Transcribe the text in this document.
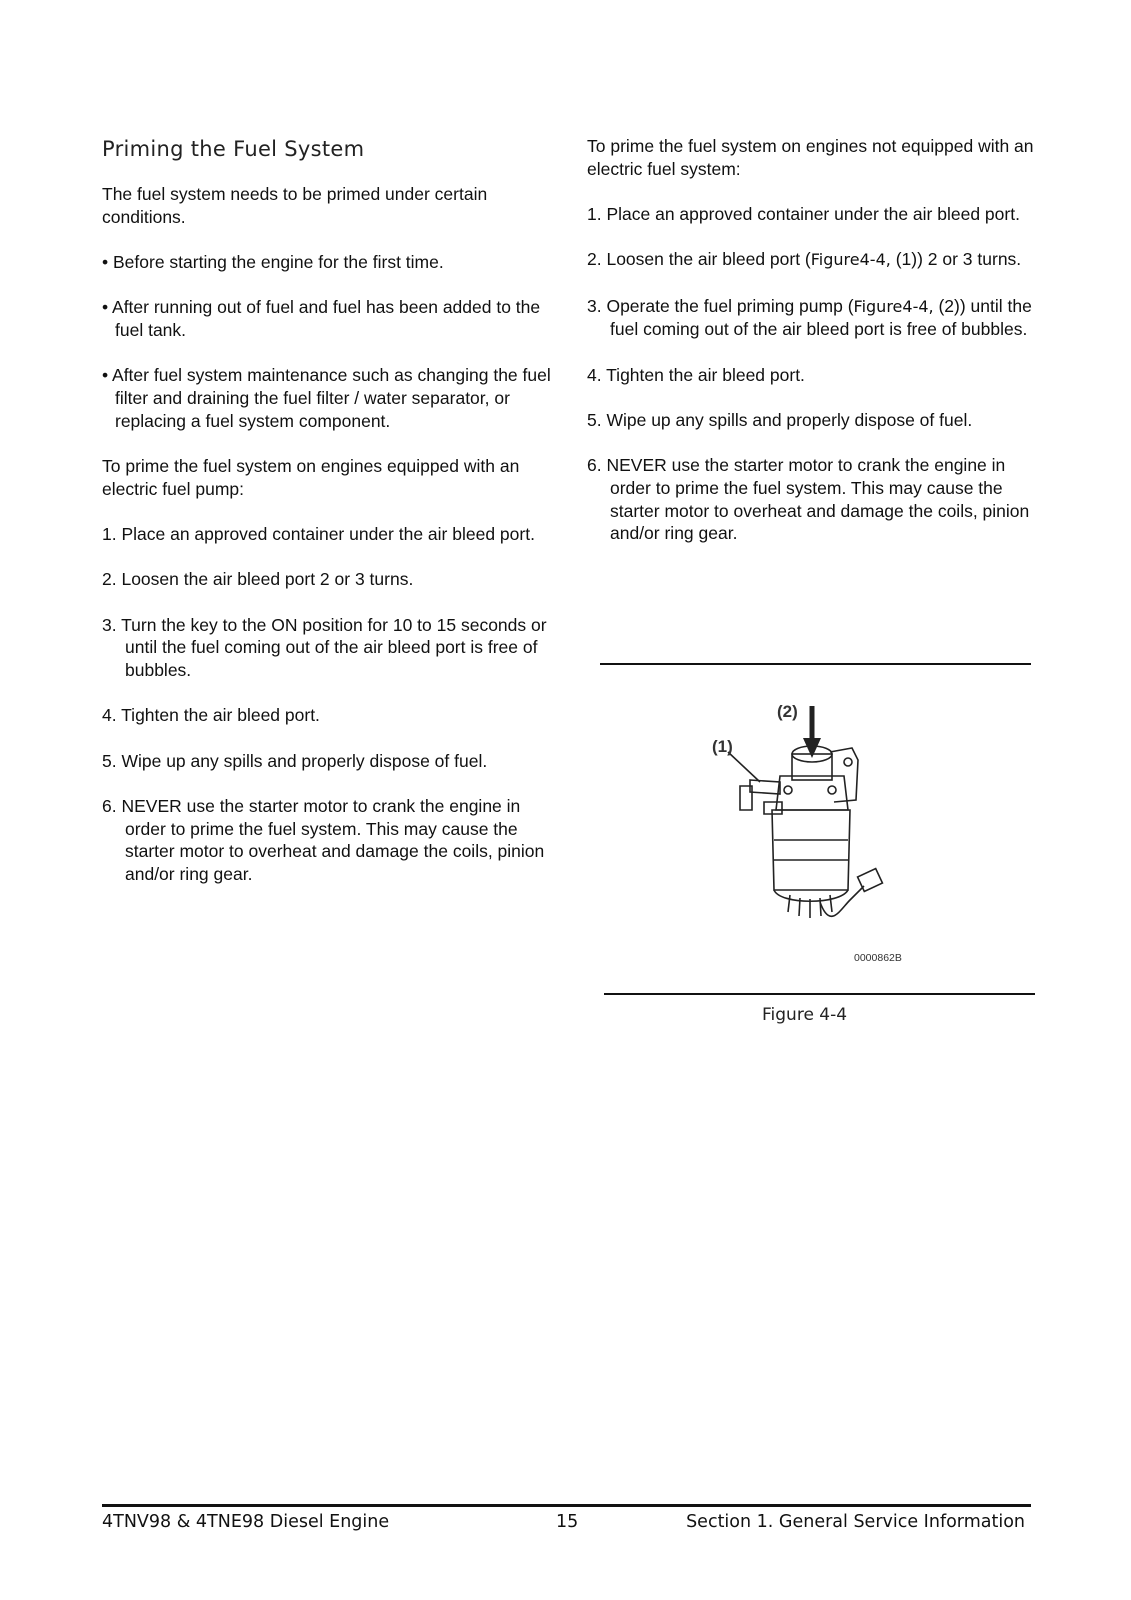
Priming the Fuel System

The fuel system needs to be primed under certain conditions.

• Before starting the engine for the first time.

• After running out of fuel and fuel has been added to the fuel tank.

• After fuel system maintenance such as changing the fuel filter and draining the fuel filter / water separator, or replacing a fuel system component.

To prime the fuel system on engines equipped with an electric fuel pump:

1. Place an approved container under the air bleed port.

2. Loosen the air bleed port 2 or 3 turns.

3. Turn the key to the ON position for 10 to 15 seconds or until the fuel coming out of the air bleed port is free of bubbles.

4. Tighten the air bleed port.

5. Wipe up any spills and properly dispose of fuel.

6. NEVER use the starter motor to crank the engine in order to prime the fuel system. This may cause the starter motor to overheat and damage the coils, pinion and/or ring gear.

To prime the fuel system on engines not equipped with an electric fuel system:

1. Place an approved container under the air bleed port.

2. Loosen the air bleed port (Figure4-4, (1)) 2 or 3 turns.

3. Operate the fuel priming pump (Figure4-4, (2)) until the fuel coming out of the air bleed port is free of bubbles.

4. Tighten the air bleed port.

5. Wipe up any spills and properly dispose of fuel.

6. NEVER use the starter motor to crank the engine in order to prime the fuel system. This may cause the starter motor to overheat and damage the coils, pinion and/or ring gear.

(1)
(2)
0000862B
Figure 4-4
4TNV98 & 4TNE98 Diesel Engine	15	Section 1. General Service Information
